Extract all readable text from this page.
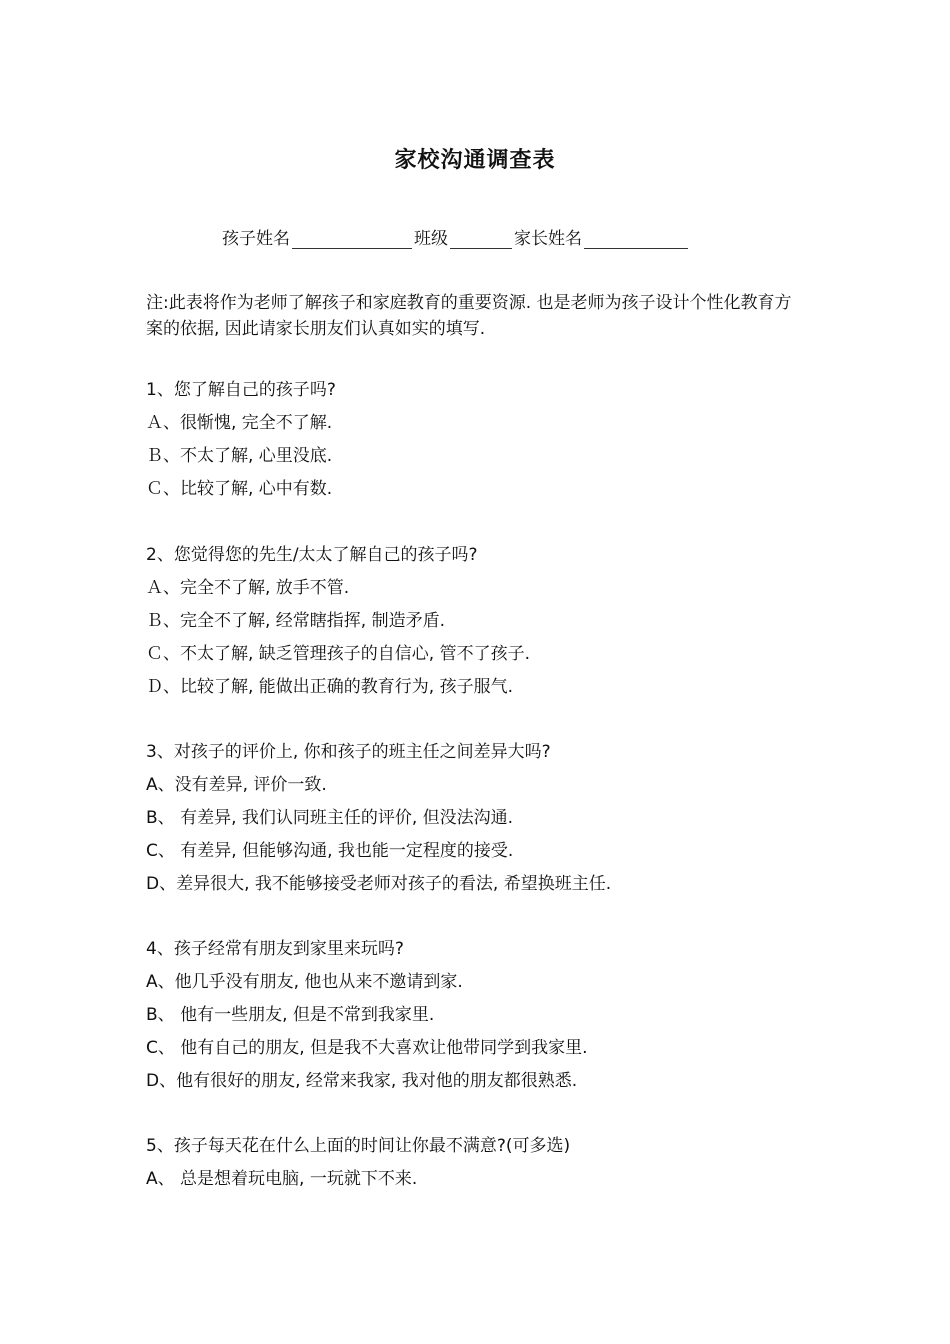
家校沟通调查表
孩子姓名	班级	家长姓名
注:此表将作为老师了解孩子和家庭教育的重要资源. 也是老师为孩子设计个性化教育方案的依据, 因此请家长朋友们认真如实的填写.
1、您了解自己的孩子吗?
Ａ、很惭愧, 完全不了解.
Ｂ、不太了解, 心里没底.
Ｃ、比较了解, 心中有数.
2、您觉得您的先生/太太了解自己的孩子吗?
Ａ、完全不了解, 放手不管.
Ｂ、完全不了解, 经常瞎指挥, 制造矛盾.
Ｃ、不太了解, 缺乏管理孩子的自信心, 管不了孩子.
Ｄ、比较了解, 能做出正确的教育行为, 孩子服气.
3、对孩子的评价上, 你和孩子的班主任之间差异大吗?
A、没有差异, 评价一致.
B、 有差异, 我们认同班主任的评价, 但没法沟通.
C、 有差异, 但能够沟通, 我也能一定程度的接受.
D、差异很大, 我不能够接受老师对孩子的看法, 希望换班主任.
4、孩子经常有朋友到家里来玩吗?
A、他几乎没有朋友, 他也从来不邀请到家.
B、 他有一些朋友, 但是不常到我家里.
C、 他有自己的朋友, 但是我不大喜欢让他带同学到我家里.
D、他有很好的朋友, 经常来我家, 我对他的朋友都很熟悉.
5、孩子每天花在什么上面的时间让你最不满意?(可多选)
A、 总是想着玩电脑, 一玩就下不来.
